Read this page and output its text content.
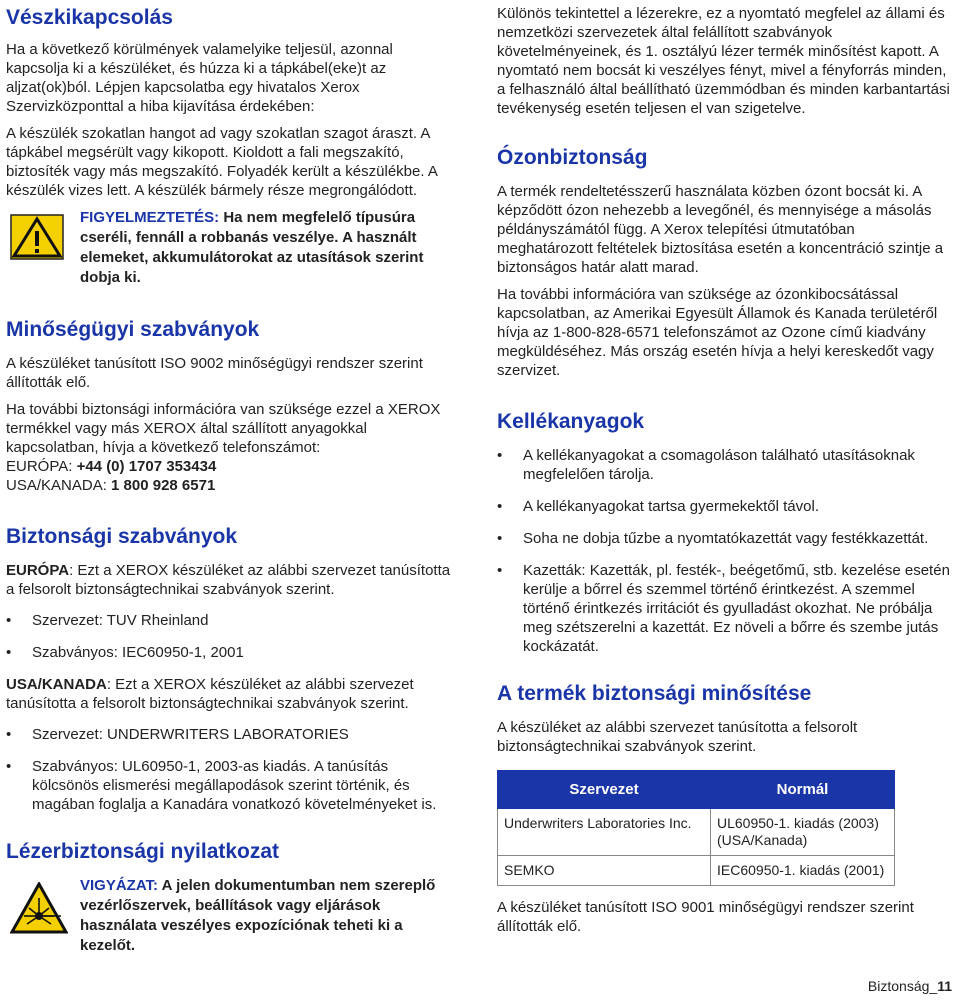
Vészkikapcsolás

Ha a következő körülmények valamelyike teljesül, azonnal kapcsolja ki a készüléket, és húzza ki a tápkábel(eke)t az aljzat(ok)ból. Lépjen kapcsolatba egy hivatalos Xerox Szervizközponttal a hiba kijavítása érdekében:

A készülék szokatlan hangot ad vagy szokatlan szagot áraszt. A tápkábel megsérült vagy kikopott. Kioldott a fali megszakító, biztosíték vagy más megszakító. Folyadék került a készülékbe. A készülék vizes lett. A készülék bármely része megrongálódott.

FIGYELMEZTETÉS: Ha nem megfelelő típusúra cseréli, fennáll a robbanás veszélye. A használt elemeket, akkumulátorokat az utasítások szerint dobja ki.

Minőségügyi szabványok

A készüléket tanúsított ISO 9002 minőségügyi rendszer szerint állították elő.

Ha további biztonsági információra van szüksége ezzel a XEROX termékkel vagy más XEROX által szállított anyagokkal kapcsolatban, hívja a következő telefonszámot:

EURÓPA: +44 (0) 1707 353434

USA/KANADA: 1 800 928 6571

Biztonsági szabványok

EURÓPA: Ezt a XEROX készüléket az alábbi szervezet tanúsította a felsorolt biztonságtechnikai szabványok szerint.

• Szervezet: TUV Rheinland
• Szabványos: IEC60950-1, 2001

USA/KANADA: Ezt a XEROX készüléket az alábbi szervezet tanúsította a felsorolt biztonságtechnikai szabványok szerint.

• Szervezet: UNDERWRITERS LABORATORIES
• Szabványos: UL60950-1, 2003-as kiadás. A tanúsítás kölcsönös elismerési megállapodások szerint történik, és magában foglalja a Kanadára vonatkozó követelményeket is.
Lézerbiztonsági nyilatkozat

VIGYÁZAT: A jelen dokumentumban nem szereplő vezérlőszervek, beállítások vagy eljárások használata veszélyes expozíciónak teheti ki a kezelőt.

Különös tekintettel a lézerekre, ez a nyomtató megfelel az állami és nemzetközi szervezetek által felállított szabványok követelményeinek, és 1. osztályú lézer termék minősítést kapott. A nyomtató nem bocsát ki veszélyes fényt, mivel a fényforrás minden, a felhasználó által beállítható üzemmódban és minden karbantartási tevékenység esetén teljesen el van szigetelve.

Ózonbiztonság

A termék rendeltetésszerű használata közben ózont bocsát ki. A képződött ózon nehezebb a levegőnél, és mennyisége a másolás példányszámától függ. A Xerox telepítési útmutatóban meghatározott feltételek biztosítása esetén a koncentráció szintje a biztonságos határ alatt marad.

Ha további információra van szüksége az ózonkibocsátással kapcsolatban, az Amerikai Egyesült Államok és Kanada területéről hívja az 1-800-828-6571 telefonszámot az Ozone című kiadvány megküldéséhez. Más ország esetén hívja a helyi kereskedőt vagy szervizet.

Kellékanyagok
• A kellékanyagokat a csomagoláson található utasításoknak megfelelően tárolja.
• A kellékanyagokat tartsa gyermekektől távol.
• Soha ne dobja tűzbe a nyomtatókazettát vagy festékkazettát.
• Kazetták: Kazetták, pl. festék-, beégetőmű, stb. kezelése esetén kerülje a bőrrel és szemmel történő érintkezést. A szemmel történő érintkezés irritációt és gyulladást okozhat. Ne próbálja meg szétszerelni a kazettát. Ez növeli a bőrre és szembe jutás kockázatát.
A termék biztonsági minősítése

A készüléket az alábbi szervezet tanúsította a felsorolt biztonságtechnikai szabványok szerint.

Szervezet	Normál
Underwriters Laboratories Inc.	UL60950-1. kiadás (2003) (USA/Kanada)
SEMKO	IEC60950-1. kiadás (2001)

A készüléket tanúsított ISO 9001 minőségügyi rendszer szerint állították elő.

Biztonság_11
